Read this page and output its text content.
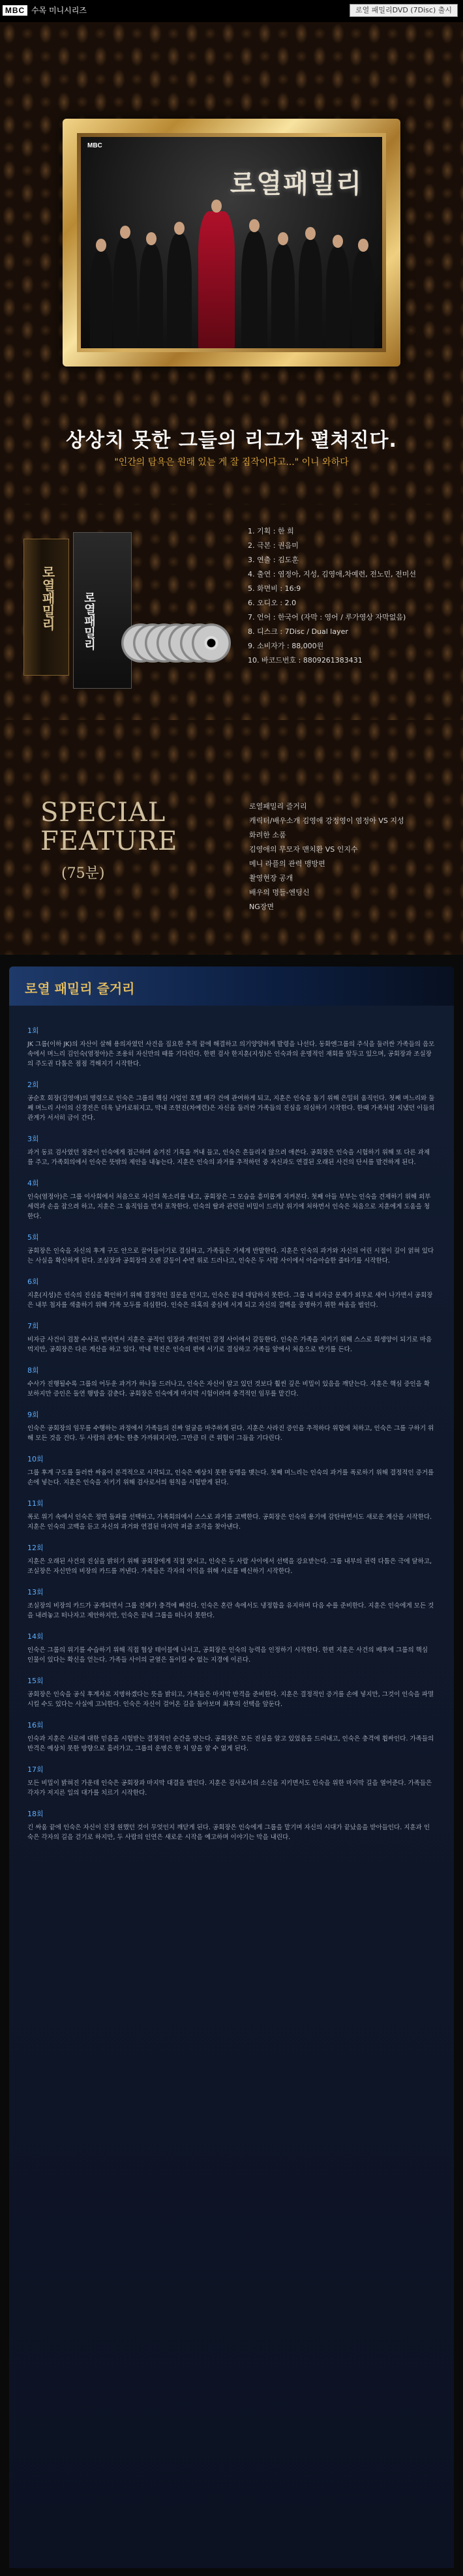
MBC 수목 미니시리즈	로열 패밀리DVD (7Disc) 출시
MBC
로열패밀리
상상치 못한 그들의 리그가 펼쳐진다.
"인간의 탐욕은 원래 있는 게 잘 짐작이다고..." 이니 와하다
로열패밀리 로열패밀리
1. 기획 : 한 희
2. 극본 : 권음미
3. 연출 : 김도훈
4. 출연 : 염정아, 지성, 김영애,차예련, 전노민, 전미선
5. 화면비 : 16:9
6. 오디오 : 2.0
7. 언어 : 한국어 (자막 : 영어 / 루가영상 자막없음)
8. 디스크 : 7Disc / Dual layer
9. 소비자가 : 88,000원
10. 바코드번호 : 8809261383431
SPECIAL
FEATURE
(75분)
로열패밀리 즐거리
캐릭터/배우소개 김영애 강정영이 염정아 VS 지성
화려한 소품
김영애의 무모자 맨치환 VS 인지수
메니 라플의 관력 맹방편
촬영현장 공개
배우의 명들-엔딩신
NG장면
로열 패밀리 즐거리
1회
JK 그룹(이하 JK)의 자산이 살해 용의자였던 사건을 집요한 추적 끝에 해결하고 의기양양하게 발령을 나선다. 동화엔그룹의 주식을 둘러싼 가족들의 음모 속에서 며느리 김인숙(염정아)은 조용히 자신만의 때를 기다린다. 한편 검사 한지훈(지성)은 인숙과의 운명적인 재회를 앞두고 있으며, 공회장과 조실장의 주도권 다툼은 점점 격해지기 시작한다.
2회
공순호 회장(김영애)의 명령으로 인숙은 그룹의 핵심 사업인 호텔 매각 건에 관여하게 되고, 지훈은 인숙을 돕기 위해 은밀히 움직인다. 첫째 며느리와 둘째 며느리 사이의 신경전은 더욱 날카로워지고, 막내 조현진(차예련)은 자신을 둘러싼 가족들의 진심을 의심하기 시작한다. 한때 가족처럼 지냈던 이들의 관계가 서서히 금이 간다.
3회
과거 동료 검사였던 정준이 인숙에게 접근하며 숨겨진 기록을 꺼내 들고, 인숙은 흔들리지 않으려 애쓴다. 공회장은 인숙을 시험하기 위해 또 다른 과제를 주고, 가족회의에서 인숙은 뜻밖의 제안을 내놓는다. 지훈은 인숙의 과거를 추적하던 중 자신과도 연결된 오래된 사건의 단서를 발견하게 된다.
4회
인숙(염정아)은 그룹 이사회에서 처음으로 자신의 목소리를 내고, 공회장은 그 모습을 흥미롭게 지켜본다. 첫째 아들 부부는 인숙을 견제하기 위해 외부 세력과 손을 잡으려 하고, 지훈은 그 움직임을 먼저 포착한다. 인숙의 딸과 관련된 비밀이 드러날 위기에 처하면서 인숙은 처음으로 지훈에게 도움을 청한다.
5회
공회장은 인숙을 자신의 후계 구도 안으로 끌어들이기로 결심하고, 가족들은 거세게 반발한다. 지훈은 인숙의 과거와 자신의 어린 시절이 깊이 얽혀 있다는 사실을 확신하게 된다. 조실장과 공회장의 오랜 갈등이 수면 위로 드러나고, 인숙은 두 사람 사이에서 아슬아슬한 줄타기를 시작한다.
6회
지훈(지성)은 인숙의 진심을 확인하기 위해 결정적인 질문을 던지고, 인숙은 끝내 대답하지 못한다. 그룹 내 비자금 문제가 외부로 새어 나가면서 공회장은 내부 첩자를 색출하기 위해 가족 모두를 의심한다. 인숙은 의혹의 중심에 서게 되고 자신의 결백을 증명하기 위한 싸움을 벌인다.
7회
비자금 사건이 검찰 수사로 번지면서 지훈은 공적인 입장과 개인적인 감정 사이에서 갈등한다. 인숙은 가족을 지키기 위해 스스로 희생양이 되기로 마음먹지만, 공회장은 다른 계산을 하고 있다. 막내 현진은 인숙의 편에 서기로 결심하고 가족들 앞에서 처음으로 반기를 든다.
8회
수사가 진행될수록 그룹의 어두운 과거가 하나둘 드러나고, 인숙은 자신이 알고 있던 것보다 훨씬 깊은 비밀이 있음을 깨닫는다. 지훈은 핵심 증인을 확보하지만 증인은 돌연 행방을 감춘다. 공회장은 인숙에게 마지막 시험이라며 충격적인 임무를 맡긴다.
9회
인숙은 공회장의 임무를 수행하는 과정에서 가족들의 진짜 얼굴을 마주하게 된다. 지훈은 사라진 증인을 추적하다 위험에 처하고, 인숙은 그를 구하기 위해 모든 것을 건다. 두 사람의 관계는 한층 가까워지지만, 그만큼 더 큰 위험이 그들을 기다린다.
10회
그룹 후계 구도를 둘러싼 싸움이 본격적으로 시작되고, 인숙은 예상치 못한 동맹을 맺는다. 첫째 며느리는 인숙의 과거를 폭로하기 위해 결정적인 증거를 손에 넣는다. 지훈은 인숙을 지키기 위해 검사로서의 원칙을 시험받게 된다.
11회
폭로 위기 속에서 인숙은 정면 돌파를 선택하고, 가족회의에서 스스로 과거를 고백한다. 공회장은 인숙의 용기에 감탄하면서도 새로운 계산을 시작한다. 지훈은 인숙의 고백을 듣고 자신의 과거와 연결된 마지막 퍼즐 조각을 찾아낸다.
12회
지훈은 오래된 사건의 진실을 밝히기 위해 공회장에게 직접 맞서고, 인숙은 두 사람 사이에서 선택을 강요받는다. 그룹 내부의 권력 다툼은 극에 달하고, 조실장은 자신만의 비장의 카드를 꺼낸다. 가족들은 각자의 이익을 위해 서로를 배신하기 시작한다.
13회
조실장의 비장의 카드가 공개되면서 그룹 전체가 충격에 빠진다. 인숙은 혼란 속에서도 냉정함을 유지하며 다음 수를 준비한다. 지훈은 인숙에게 모든 것을 내려놓고 떠나자고 제안하지만, 인숙은 끝내 그룹을 떠나지 못한다.
14회
인숙은 그룹의 위기를 수습하기 위해 직접 협상 테이블에 나서고, 공회장은 인숙의 능력을 인정하기 시작한다. 한편 지훈은 사건의 배후에 그룹의 핵심 인물이 있다는 확신을 얻는다. 가족들 사이의 균열은 돌이킬 수 없는 지경에 이른다.
15회
공회장은 인숙을 공식 후계자로 지명하겠다는 뜻을 밝히고, 가족들은 마지막 반격을 준비한다. 지훈은 결정적인 증거를 손에 넣지만, 그것이 인숙을 파멸시킬 수도 있다는 사실에 고뇌한다. 인숙은 자신이 걸어온 길을 돌아보며 최후의 선택을 앞둔다.
16회
인숙과 지훈은 서로에 대한 믿음을 시험받는 결정적인 순간을 맞는다. 공회장은 모든 진실을 알고 있었음을 드러내고, 인숙은 충격에 휩싸인다. 가족들의 반격은 예상치 못한 방향으로 흘러가고, 그룹의 운명은 한 치 앞을 알 수 없게 된다.
17회
모든 비밀이 밝혀진 가운데 인숙은 공회장과 마지막 대결을 벌인다. 지훈은 검사로서의 소신을 지키면서도 인숙을 위한 마지막 길을 열어준다. 가족들은 각자가 저지른 일의 대가를 치르기 시작한다.
18회
긴 싸움 끝에 인숙은 자신이 진정 원했던 것이 무엇인지 깨닫게 된다. 공회장은 인숙에게 그룹을 맡기며 자신의 시대가 끝났음을 받아들인다. 지훈과 인숙은 각자의 길을 걷기로 하지만, 두 사람의 인연은 새로운 시작을 예고하며 이야기는 막을 내린다.
